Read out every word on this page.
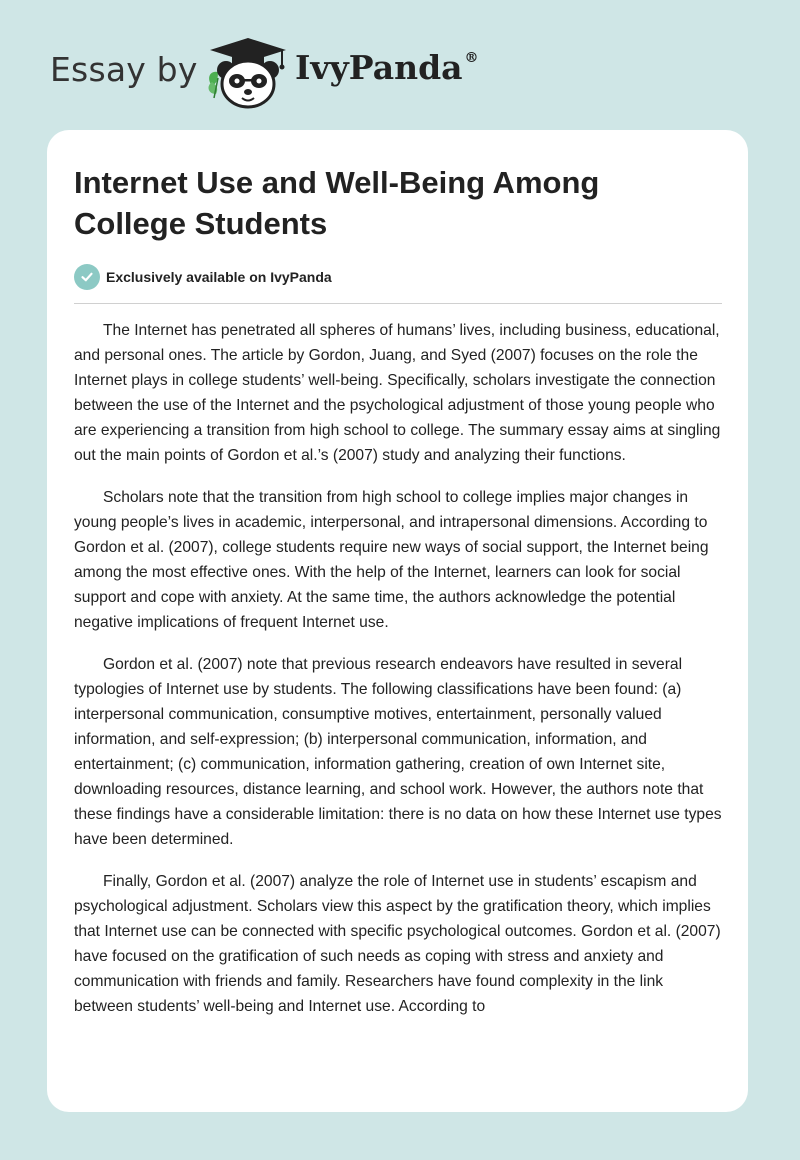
Essay by	IvyPanda ®
Internet Use and Well-Being Among College Students
Exclusively available on IvyPanda

The Internet has penetrated all spheres of humans’ lives, including business, educational, and personal ones. The article by Gordon, Juang, and Syed (2007) focuses on the role the Internet plays in college students’ well-being. Specifically, scholars investigate the connection between the use of the Internet and the psychological adjustment of those young people who are experiencing a transition from high school to college. The summary essay aims at singling out the main points of Gordon et al.’s (2007) study and analyzing their functions.

Scholars note that the transition from high school to college implies major changes in young people’s lives in academic, interpersonal, and intrapersonal dimensions. According to Gordon et al. (2007), college students require new ways of social support, the Internet being among the most effective ones. With the help of the Internet, learners can look for social support and cope with anxiety. At the same time, the authors acknowledge the potential negative implications of frequent Internet use.

Gordon et al. (2007) note that previous research endeavors have resulted in several typologies of Internet use by students. The following classifications have been found: (a) interpersonal communication, consumptive motives, entertainment, personally valued information, and self-expression; (b) interpersonal communication, information, and entertainment; (c) communication, information gathering, creation of own Internet site, downloading resources, distance learning, and school work. However, the authors note that these findings have a considerable limitation: there is no data on how these Internet use types have been determined.

Finally, Gordon et al. (2007) analyze the role of Internet use in students’ escapism and psychological adjustment. Scholars view this aspect by the gratification theory, which implies that Internet use can be connected with specific psychological outcomes. Gordon et al. (2007) have focused on the gratification of such needs as coping with stress and anxiety and communication with friends and family. Researchers have found complexity in the link between students’ well-being and Internet use. According to
